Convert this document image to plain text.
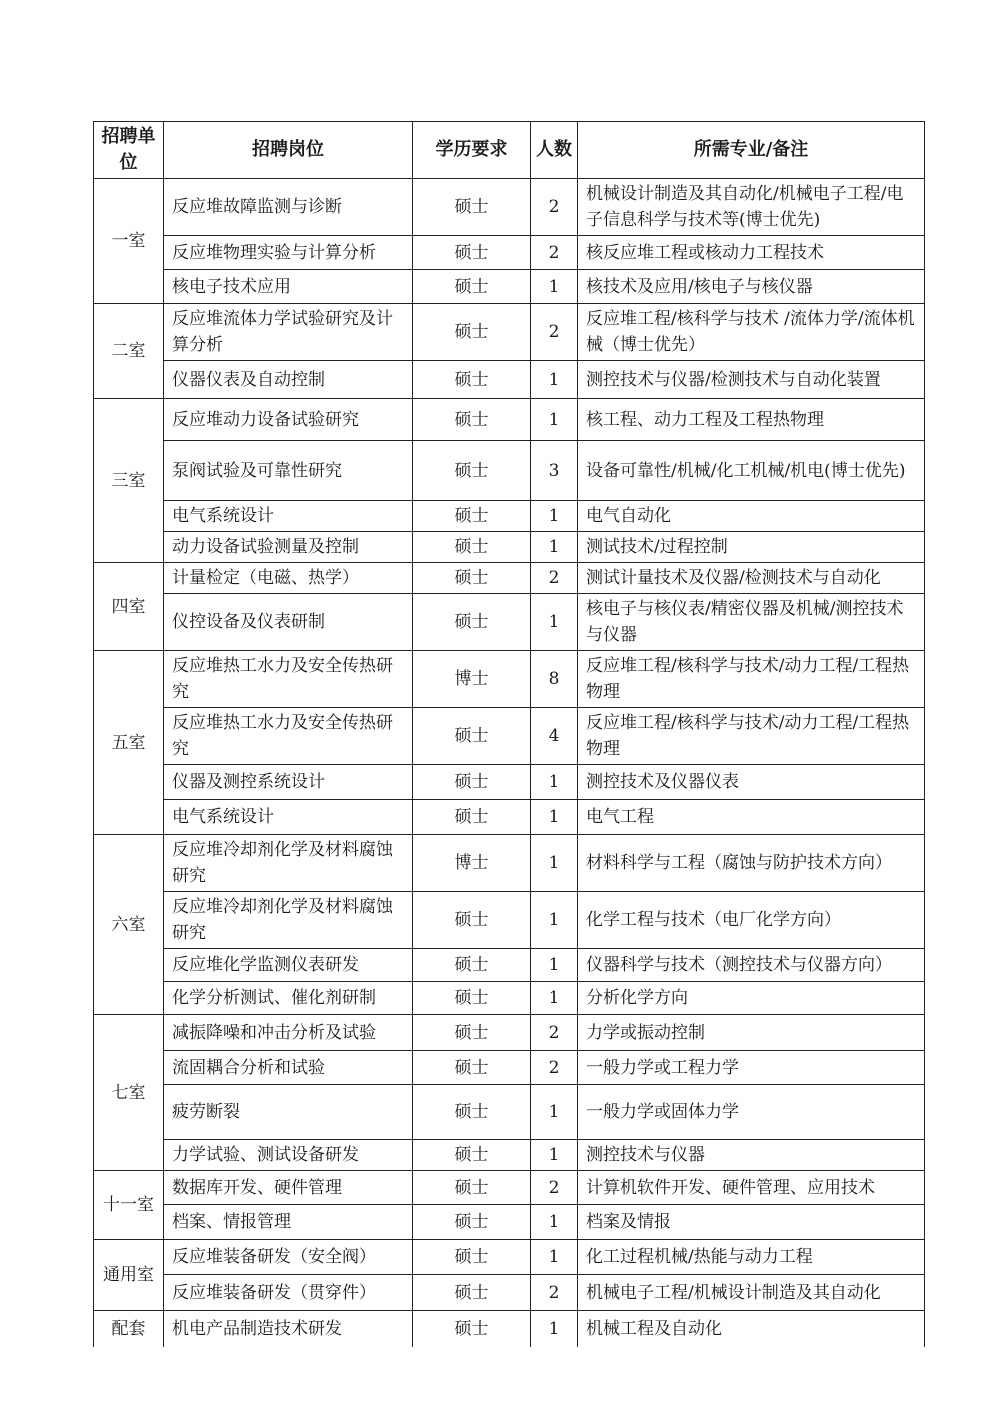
招聘单位	招聘岗位	学历要求	人数	所需专业/备注
一室	反应堆故障监测与诊断	硕士	2	机械设计制造及其自动化/机械电子工程/电子信息科学与技术等(博士优先)
	反应堆物理实验与计算分析	硕士	2	核反应堆工程或核动力工程技术
	核电子技术应用	硕士	1	核技术及应用/核电子与核仪器
二室	反应堆流体力学试验研究及计算分析	硕士	2	反应堆工程/核科学与技术 /流体力学/流体机械（博士优先）
	仪器仪表及自动控制	硕士	1	测控技术与仪器/检测技术与自动化装置
三室	反应堆动力设备试验研究	硕士	1	核工程、动力工程及工程热物理
	泵阀试验及可靠性研究	硕士	3	设备可靠性/机械/化工机械/机电(博士优先)
	电气系统设计	硕士	1	电气自动化
	动力设备试验测量及控制	硕士	1	测试技术/过程控制
四室	计量检定（电磁、热学）	硕士	2	测试计量技术及仪器/检测技术与自动化
	仪控设备及仪表研制	硕士	1	核电子与核仪表/精密仪器及机械/测控技术与仪器
五室	反应堆热工水力及安全传热研究	博士	8	反应堆工程/核科学与技术/动力工程/工程热物理
	反应堆热工水力及安全传热研究	硕士	4	反应堆工程/核科学与技术/动力工程/工程热物理
	仪器及测控系统设计	硕士	1	测控技术及仪器仪表
	电气系统设计	硕士	1	电气工程
六室	反应堆冷却剂化学及材料腐蚀研究	博士	1	材料科学与工程（腐蚀与防护技术方向）
	反应堆冷却剂化学及材料腐蚀研究	硕士	1	化学工程与技术（电厂化学方向）
	反应堆化学监测仪表研发	硕士	1	仪器科学与技术（测控技术与仪器方向）
	化学分析测试、催化剂研制	硕士	1	分析化学方向
七室	减振降噪和冲击分析及试验	硕士	2	力学或振动控制
	流固耦合分析和试验	硕士	2	一般力学或工程力学
	疲劳断裂	硕士	1	一般力学或固体力学
	力学试验、测试设备研发	硕士	1	测控技术与仪器
十一室	数据库开发、硬件管理	硕士	2	计算机软件开发、硬件管理、应用技术
	档案、情报管理	硕士	1	档案及情报
通用室	反应堆装备研发（安全阀）	硕士	1	化工过程机械/热能与动力工程
	反应堆装备研发（贯穿件）	硕士	2	机械电子工程/机械设计制造及其自动化
配套	机电产品制造技术研发	硕士	1	机械工程及自动化
